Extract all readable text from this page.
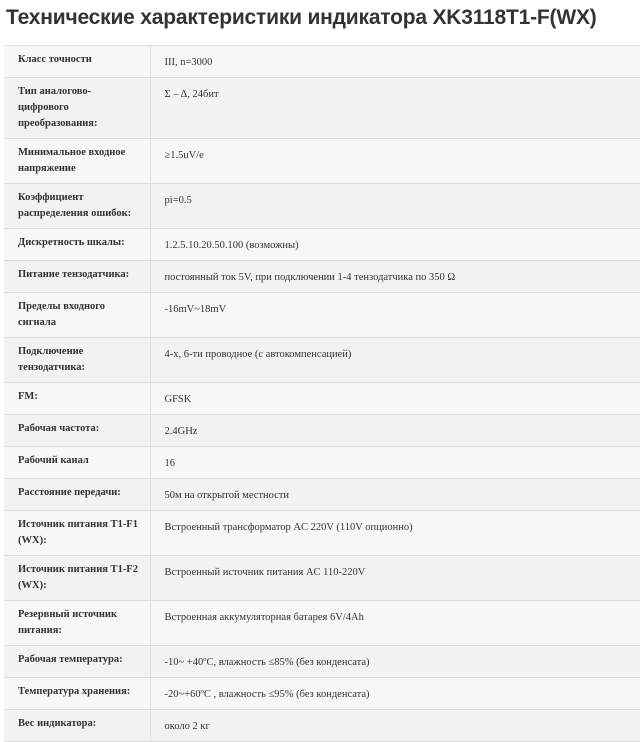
Технические характеристики индикатора XK3118T1-F(WX)
Класс точности	III, n=3000
Тип аналогово-цифрового преобразования:	Σ – Δ, 24бит
Минимальное входное напряжение	≥1.5uV/e
Коэффициент распределения ошибок:	pi=0.5
Дискретность шкалы:	1.2.5.10.20.50.100 (возможны)
Питание тензодатчика:	постоянный ток 5V, при подключении 1-4 тензодатчика по 350 Ω
Пределы входного сигнала	-16mV~18mV
Подключение тензодатчика:	4-х, 6-ти проводное (с автокомпенсацией)
FM:	GFSK
Рабочая частота:	2.4GHz
Рабочий канал	16
Расстояние передачи:	50м на открытой местности
Источник питания T1-F1 (WX):	Встроенный трансформатор AC 220V (110V опционно)
Источник питания T1-F2 (WX):	Встроенный источник питания AC 110-220V
Резервный источник питания:	Встроенная аккумуляторная батарея 6V/4Ah
Рабочая температура:	-10~ +40ºC, влажность ≤85% (без конденсата)
Температура хранения:	-20~+60ºC , влажность ≤95% (без конденсата)
Вес индикатора:	около 2 кг
